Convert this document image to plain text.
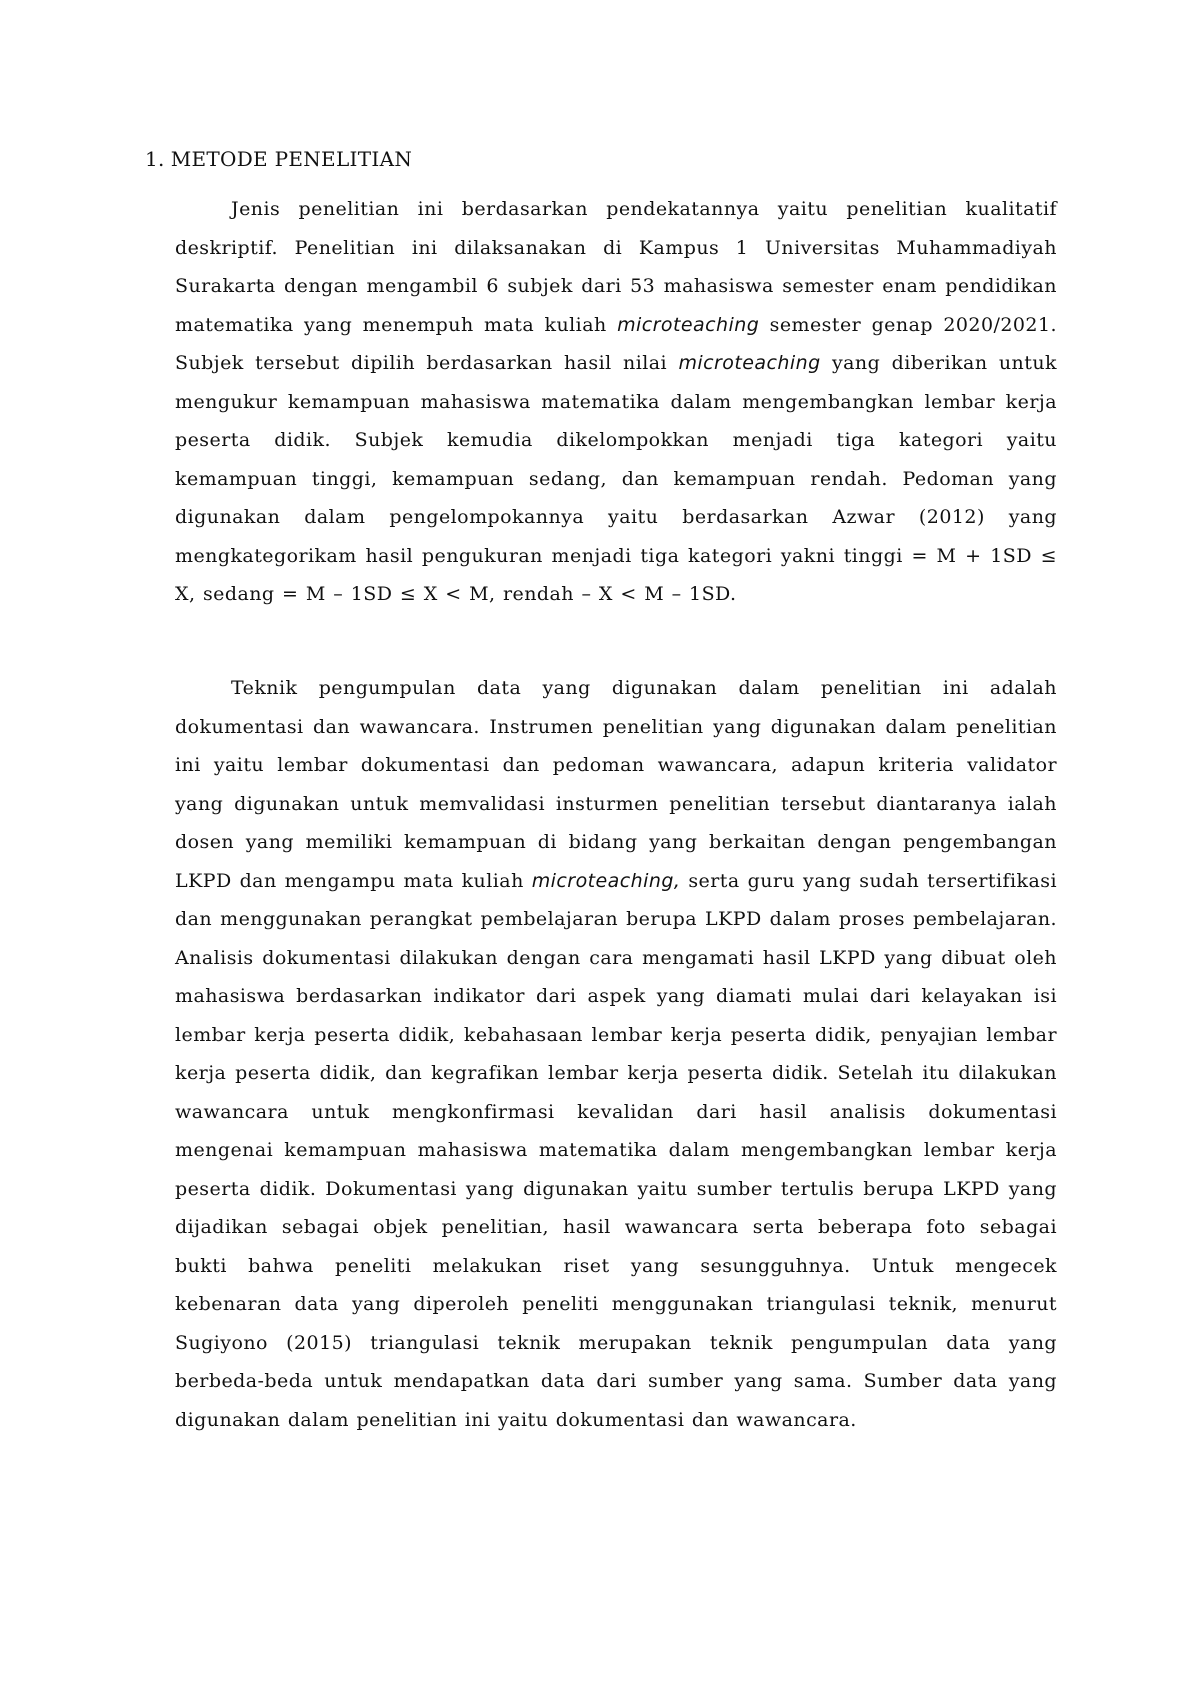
1. METODE PENELITIAN

Jenis penelitian ini berdasarkan pendekatannya yaitu penelitian kualitatif deskriptif. Penelitian ini dilaksanakan di Kampus 1 Universitas Muhammadiyah Surakarta dengan mengambil 6 subjek dari 53 mahasiswa semester enam pendidikan matematika yang menempuh mata kuliah microteaching semester genap 2020/2021. Subjek tersebut dipilih berdasarkan hasil nilai microteaching yang diberikan untuk mengukur kemampuan mahasiswa matematika dalam mengembangkan lembar kerja peserta didik. Subjek kemudia dikelompokkan menjadi tiga kategori yaitu kemampuan tinggi, kemampuan sedang, dan kemampuan rendah. Pedoman yang digunakan dalam pengelompokannya yaitu berdasarkan Azwar (2012) yang mengkategorikam hasil pengukuran menjadi tiga kategori yakni tinggi = M + 1SD ≤ X, sedang = M – 1SD ≤ X < M, rendah – X < M – 1SD.

Teknik pengumpulan data yang digunakan dalam penelitian ini adalah dokumentasi dan wawancara. Instrumen penelitian yang digunakan dalam penelitian ini yaitu lembar dokumentasi dan pedoman wawancara, adapun kriteria validator yang digunakan untuk memvalidasi insturmen penelitian tersebut diantaranya ialah dosen yang memiliki kemampuan di bidang yang berkaitan dengan pengembangan LKPD dan mengampu mata kuliah microteaching, serta guru yang sudah tersertifikasi dan menggunakan perangkat pembelajaran berupa LKPD dalam proses pembelajaran. Analisis dokumentasi dilakukan dengan cara mengamati hasil LKPD yang dibuat oleh mahasiswa berdasarkan indikator dari aspek yang diamati mulai dari kelayakan isi lembar kerja peserta didik, kebahasaan lembar kerja peserta didik, penyajian lembar kerja peserta didik, dan kegrafikan lembar kerja peserta didik. Setelah itu dilakukan wawancara untuk mengkonfirmasi kevalidan dari hasil analisis dokumentasi mengenai kemampuan mahasiswa matematika dalam mengembangkan lembar kerja peserta didik. Dokumentasi yang digunakan yaitu sumber tertulis berupa LKPD yang dijadikan sebagai objek penelitian, hasil wawancara serta beberapa foto sebagai bukti bahwa peneliti melakukan riset yang sesungguhnya. Untuk mengecek kebenaran data yang diperoleh peneliti menggunakan triangulasi teknik, menurut Sugiyono (2015) triangulasi teknik merupakan teknik pengumpulan data yang berbeda-beda untuk mendapatkan data dari sumber yang sama. Sumber data yang digunakan dalam penelitian ini yaitu dokumentasi dan wawancara.
